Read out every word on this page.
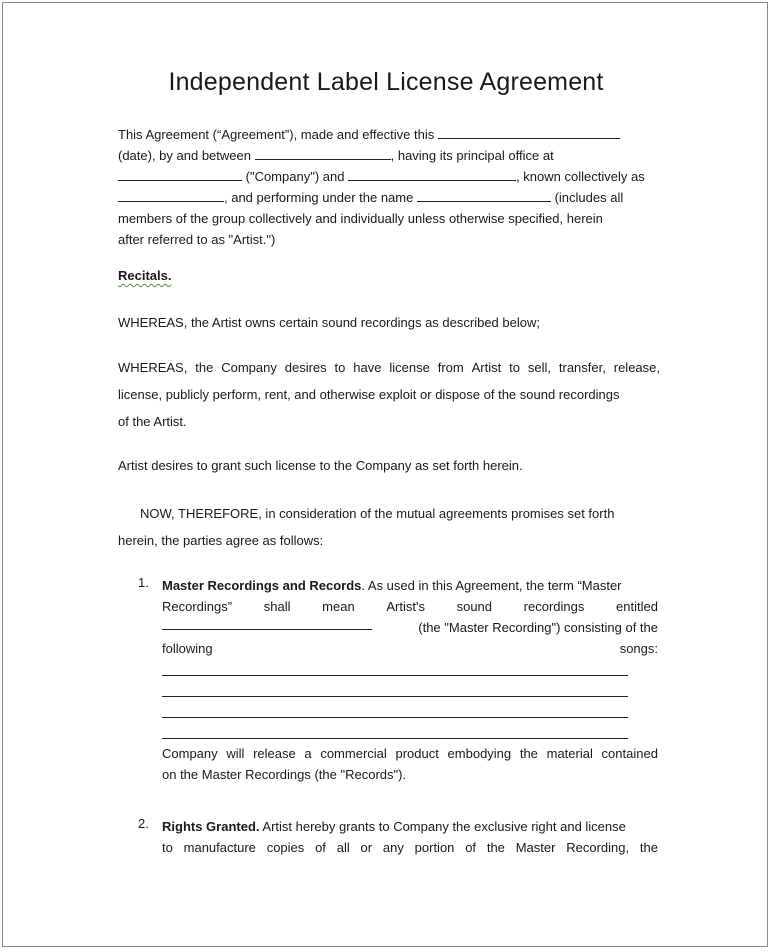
Independent Label License Agreement
This Agreement (“Agreement”), made and effective this
(date), by and between	, having its principal office at
("Company") and	, known collectively as
, and performing under the name	(includes all
members of the group collectively and individually unless otherwise specified, herein
after referred to as "Artist.")
Recitals.
WHEREAS, the Artist owns certain sound recordings as described below;
WHEREAS, the Company desires to have license from Artist to sell, transfer, release,
license, publicly perform, rent, and otherwise exploit or dispose of the sound recordings
of the Artist.
Artist desires to grant such license to the Company as set forth herein.
NOW, THEREFORE, in consideration of the mutual agreements promises set forth
herein, the parties agree as follows:
1. Master Recordings and Records. As used in this Agreement, the term “Master
Recordings” shall mean Artist's sound recordings entitled
(the "Master Recording") consisting of the
following	songs:
Company will release a commercial product embodying the material contained
on the Master Recordings (the "Records").
2. Rights Granted. Artist hereby grants to Company the exclusive right and license
to manufacture copies of all or any portion of the Master Recording, the
